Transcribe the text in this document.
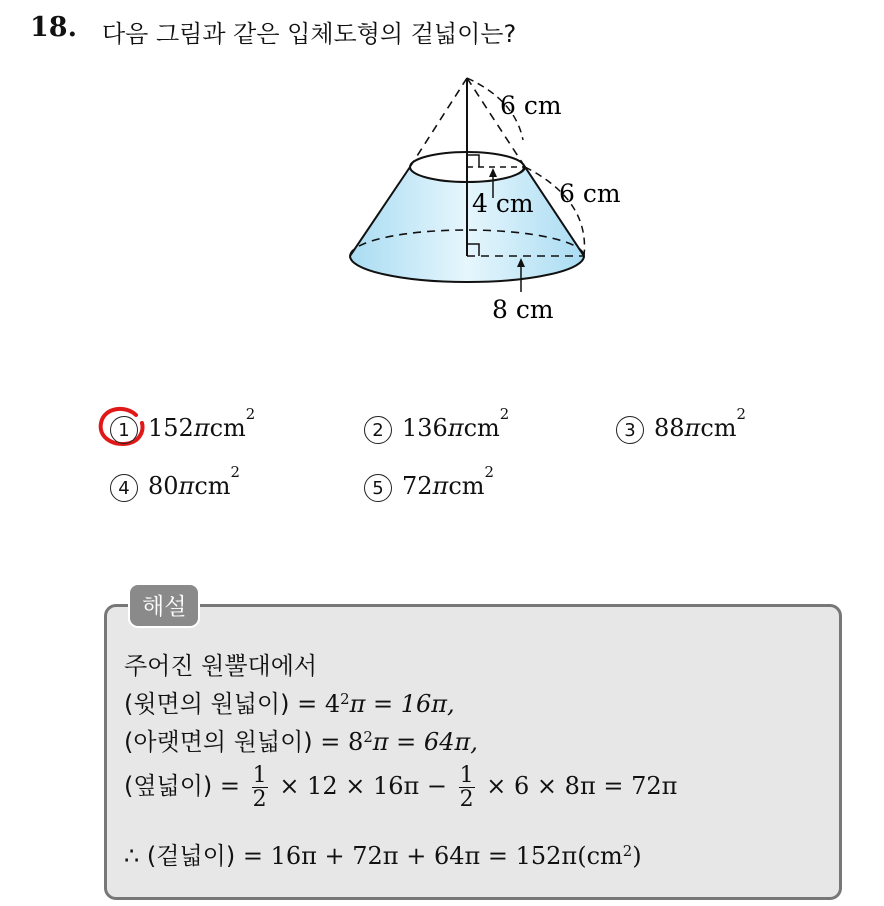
18. 다음 그림과 같은 입체도형의 겉넓이는?
6 cm
6 cm
4 cm
8 cm
1 152 π cm 2
2 136 π cm 2
3 88 π cm 2
4 80 π cm 2
5 72 π cm 2
해설
주어진 원뿔대에서
(윗면의 원넓이) = $4^2\pi = 16\pi$,
(아랫면의 원넓이) = $8^2\pi = 64\pi$,
(옆넓이) = $\frac{1}{2} \times 12 \times 16\pi - \frac{1}{2} \times 6 \times 8\pi = 72\pi$
∴ (겉넓이) = $16\pi + 72\pi + 64\pi = 152\pi(cm^2)$
